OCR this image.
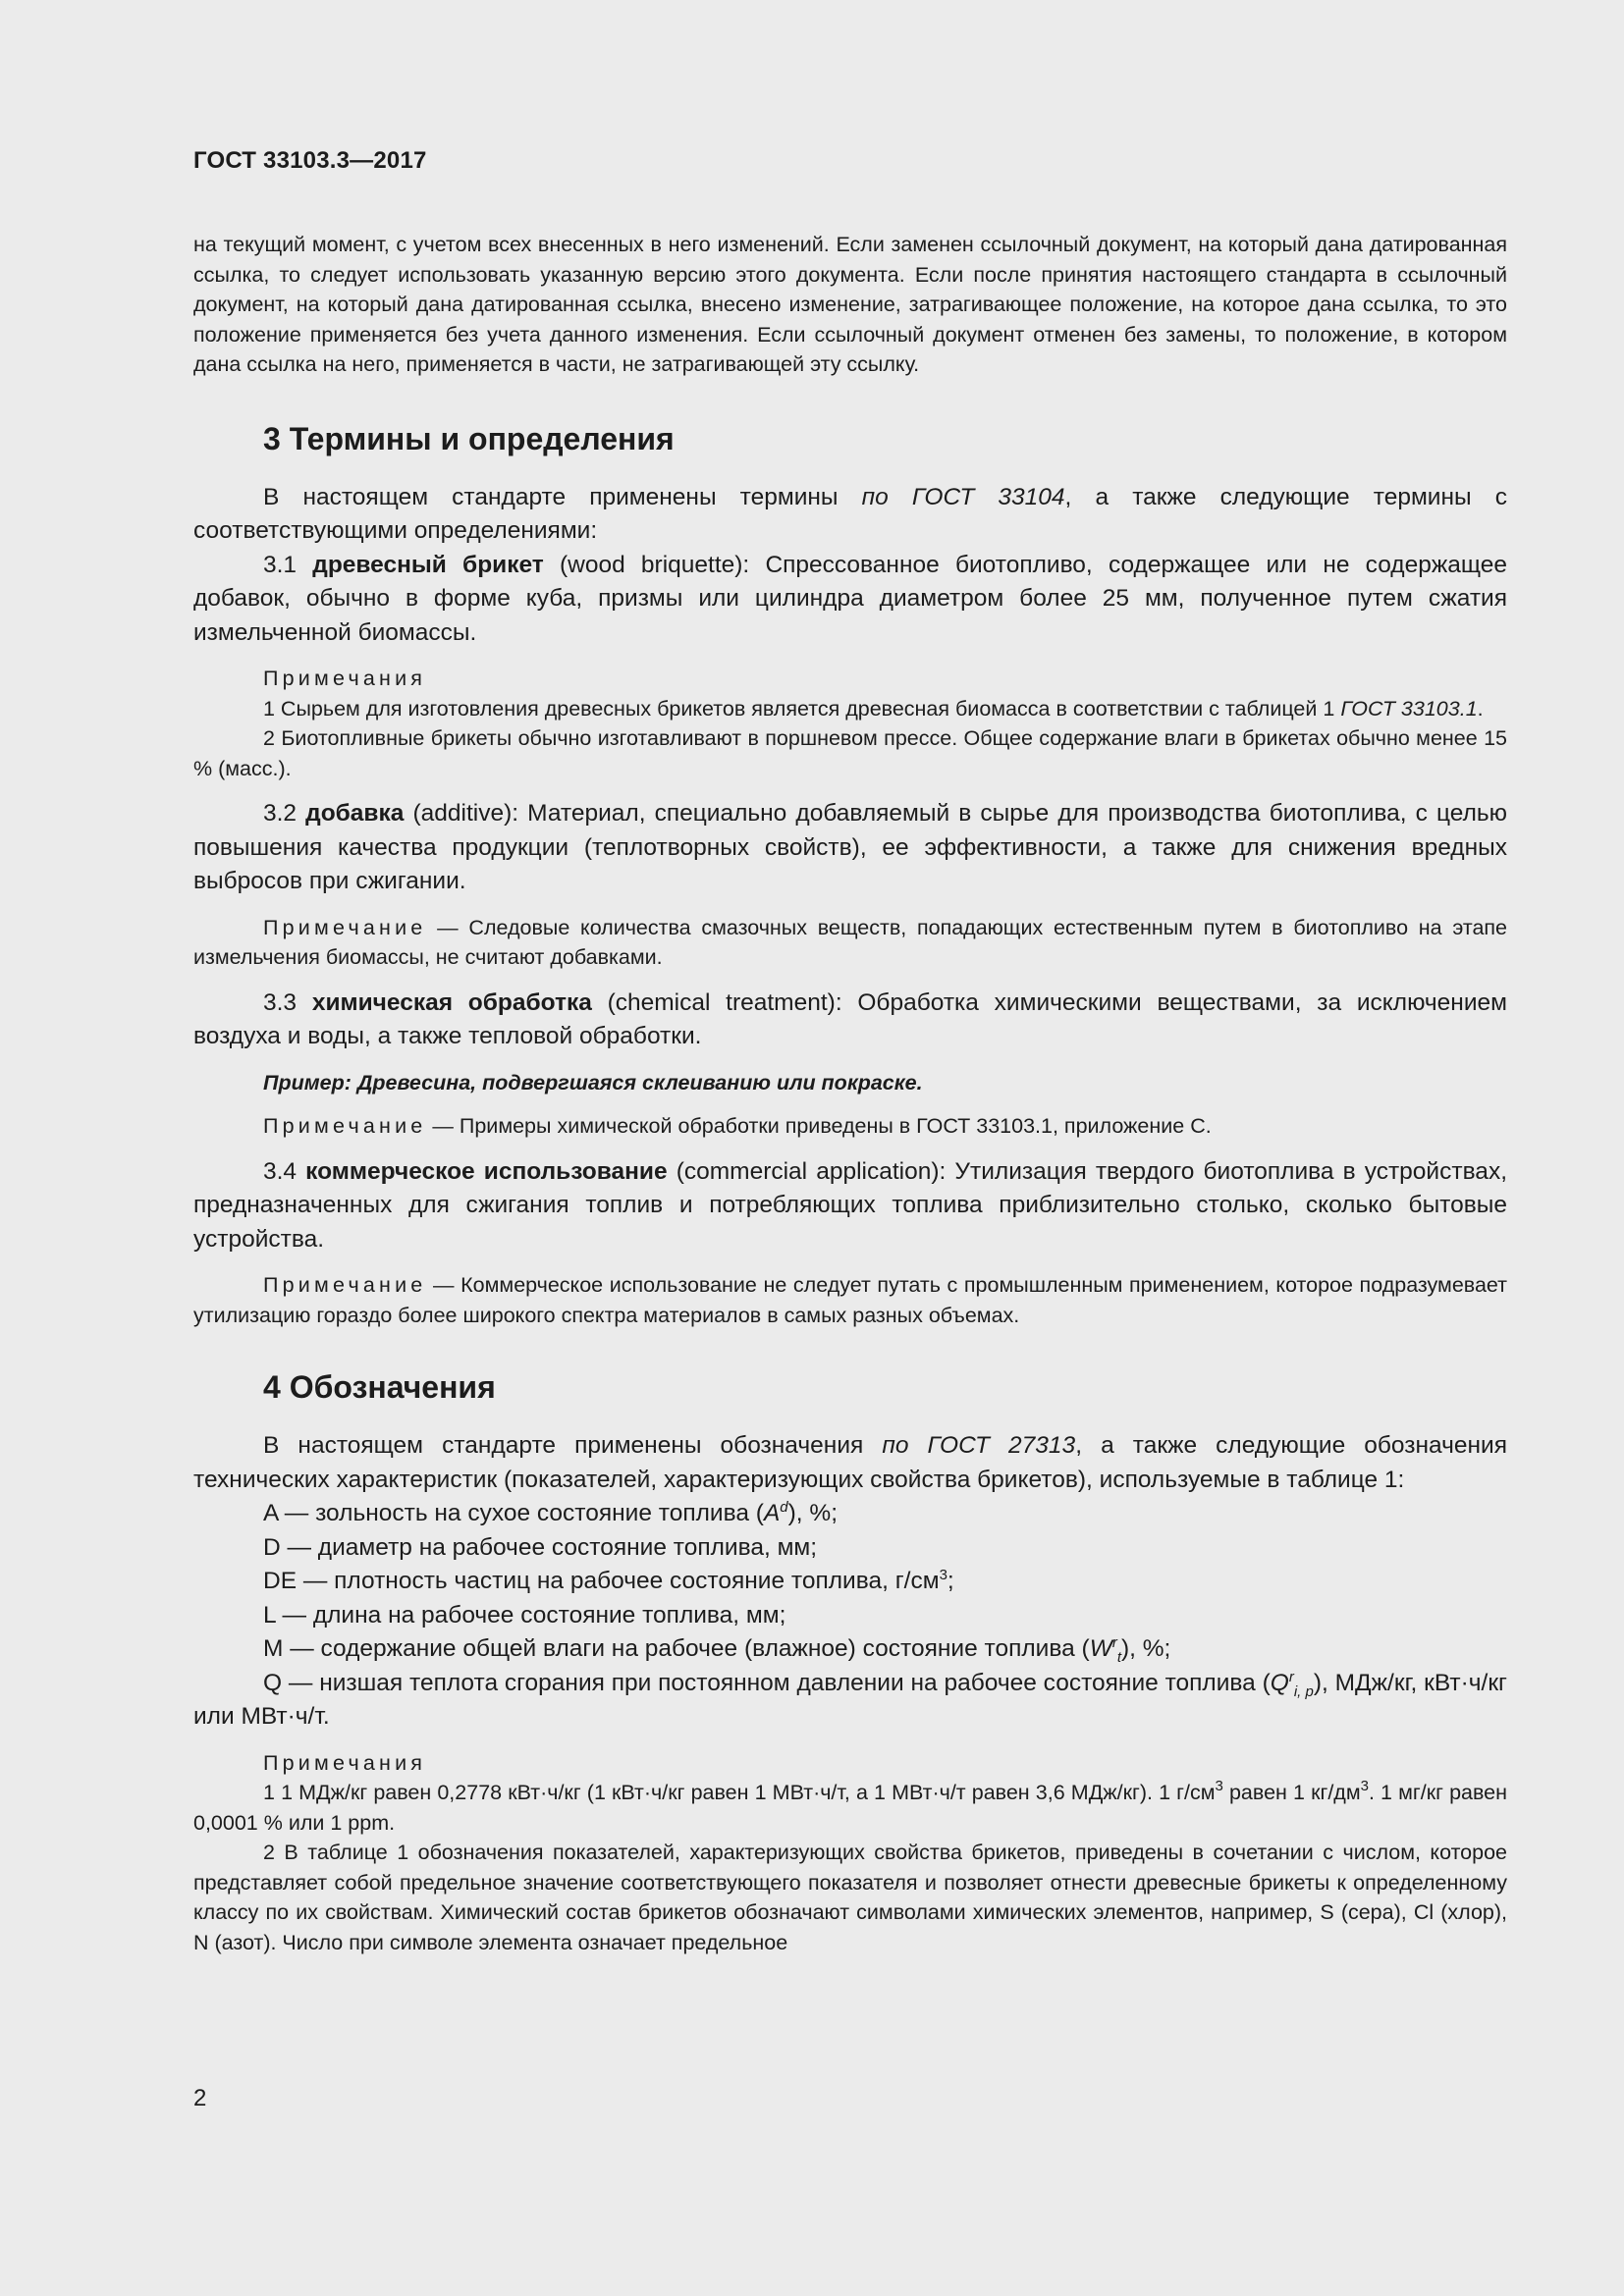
ГОСТ 33103.3—2017

на текущий момент, с учетом всех внесенных в него изменений. Если заменен ссылочный документ, на который дана датированная ссылка, то следует использовать указанную версию этого документа. Если после принятия настоящего стандарта в ссылочный документ, на который дана датированная ссылка, внесено изменение, затрагивающее положение, на которое дана ссылка, то это положение применяется без учета данного изменения. Если ссылочный документ отменен без замены, то положение, в котором дана ссылка на него, применяется в части, не затрагивающей эту ссылку.

3 Термины и определения

В настоящем стандарте применены термины по ГОСТ 33104, а также следующие термины с соответствующими определениями:

3.1 древесный брикет (wood briquette): Спрессованное биотопливо, содержащее или не содержащее добавок, обычно в форме куба, призмы или цилиндра диаметром более 25 мм, полученное путем сжатия измельченной биомассы.

Примечания

1 Сырьем для изготовления древесных брикетов является древесная биомасса в соответствии с таблицей 1 ГОСТ 33103.1.

2 Биотопливные брикеты обычно изготавливают в поршневом прессе. Общее содержание влаги в брикетах обычно менее 15 % (масс.).

3.2 добавка (additive): Материал, специально добавляемый в сырье для производства биотоплива, с целью повышения качества продукции (теплотворных свойств), ее эффективности, а также для снижения вредных выбросов при сжигании.

Примечание — Следовые количества смазочных веществ, попадающих естественным путем в биотопливо на этапе измельчения биомассы, не считают добавками.

3.3 химическая обработка (chemical treatment): Обработка химическими веществами, за исключением воздуха и воды, а также тепловой обработки.

Пример: Древесина, подвергшаяся склеиванию или покраске.

Примечание — Примеры химической обработки приведены в ГОСТ 33103.1, приложение С.

3.4 коммерческое использование (commercial application): Утилизация твердого биотоплива в устройствах, предназначенных для сжигания топлив и потребляющих топлива приблизительно столько, сколько бытовые устройства.

Примечание — Коммерческое использование не следует путать с промышленным применением, которое подразумевает утилизацию гораздо более широкого спектра материалов в самых разных объемах.

4 Обозначения

В настоящем стандарте применены обозначения по ГОСТ 27313, а также следующие обозначения технических характеристик (показателей, характеризующих свойства брикетов), используемые в таблице 1:

A — зольность на сухое состояние топлива $(A^d)$, %;

D — диаметр на рабочее состояние топлива, мм;

DE — плотность частиц на рабочее состояние топлива, $г/см^3$;

L — длина на рабочее состояние топлива, мм;

M — содержание общей влаги на рабочее (влажное) состояние топлива $(W^r_t)$, %;

Q — низшая теплота сгорания при постоянном давлении на рабочее состояние топлива $(Q^r_{i, p})$, МДж/кг, кВт·ч/кг или МВт·ч/т.

Примечания

1 1 МДж/кг равен 0,2778 кВт·ч/кг (1 кВт·ч/кг равен 1 МВт·ч/т, а 1 МВт·ч/т равен 3,6 МДж/кг). 1 $г/см^3$ равен 1 $кг/дм^3$. 1 мг/кг равен 0,0001 % или 1 ppm.

2 В таблице 1 обозначения показателей, характеризующих свойства брикетов, приведены в сочетании с числом, которое представляет собой предельное значение соответствующего показателя и позволяет отнести древесные брикеты к определенному классу по их свойствам. Химический состав брикетов обозначают символами химических элементов, например, S (сера), Cl (хлор), N (азот). Число при символе элемента означает предельное

2
